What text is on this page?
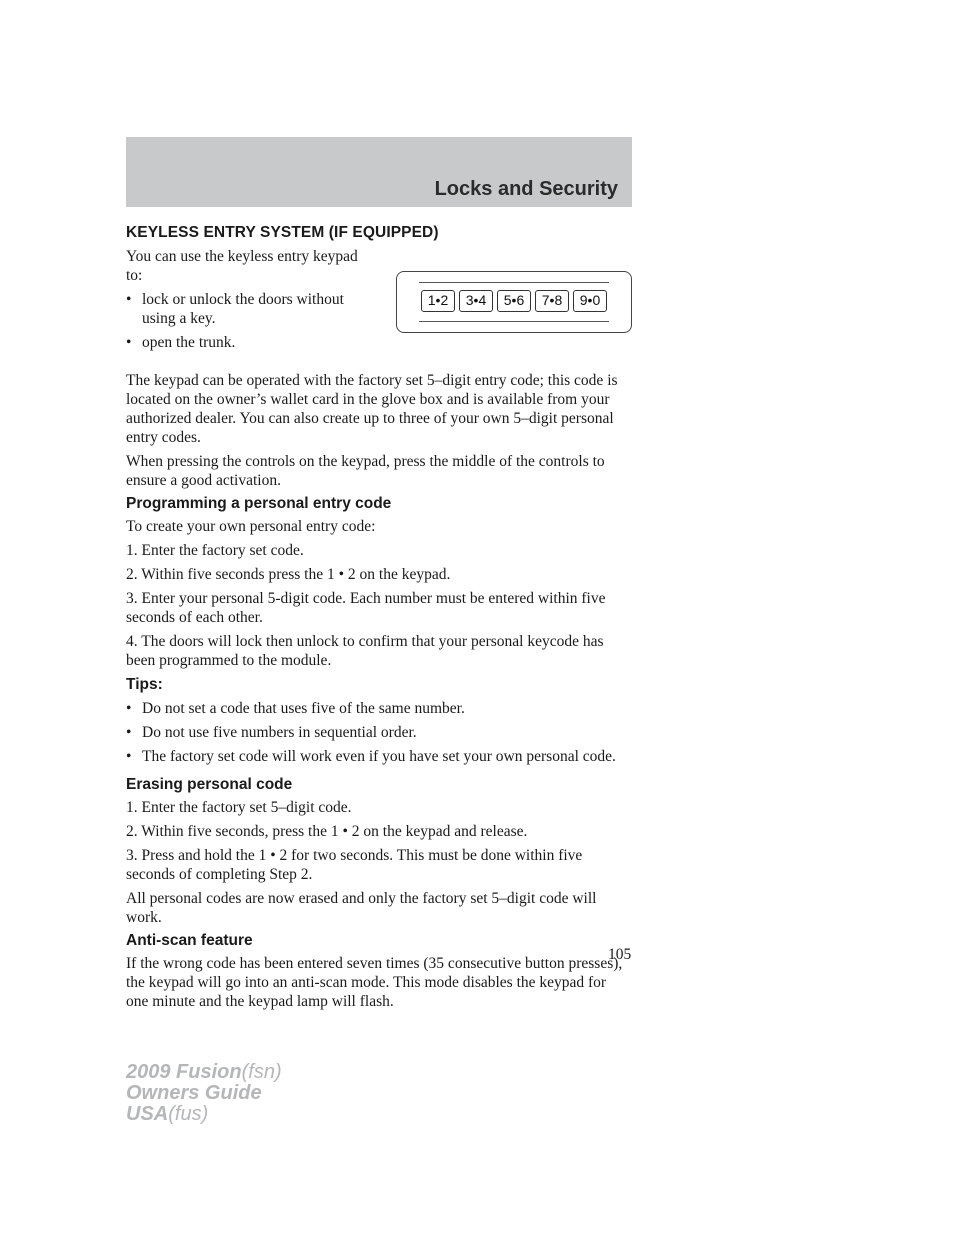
Locks and Security
KEYLESS ENTRY SYSTEM (IF EQUIPPED)

You can use the keyless entry keypad to:

• lock or unlock the doors without using a key.
• open the trunk.
1•2	3•4	5•6	7•8	9•0

The keypad can be operated with the factory set 5–digit entry code; this code is located on the owner’s wallet card in the glove box and is available from your authorized dealer. You can also create up to three of your own 5–digit personal entry codes.

When pressing the controls on the keypad, press the middle of the controls to ensure a good activation.

Programming a personal entry code

To create your own personal entry code:

1. Enter the factory set code.

2. Within five seconds press the 1 • 2 on the keypad.

3. Enter your personal 5-digit code. Each number must be entered within five seconds of each other.

4. The doors will lock then unlock to confirm that your personal keycode has been programmed to the module.

Tips:

• Do not set a code that uses five of the same number.
• Do not use five numbers in sequential order.
• The factory set code will work even if you have set your own personal code.
Erasing personal code

1. Enter the factory set 5–digit code.

2. Within five seconds, press the 1 • 2 on the keypad and release.

3. Press and hold the 1 • 2 for two seconds. This must be done within five seconds of completing Step 2.

All personal codes are now erased and only the factory set 5–digit code will work.

Anti-scan feature

If the wrong code has been entered seven times (35 consecutive button presses), the keypad will go into an anti-scan mode. This mode disables the keypad for one minute and the keypad lamp will flash.

105
2009 Fusion(fsn)
Owners Guide
USA(fus)
